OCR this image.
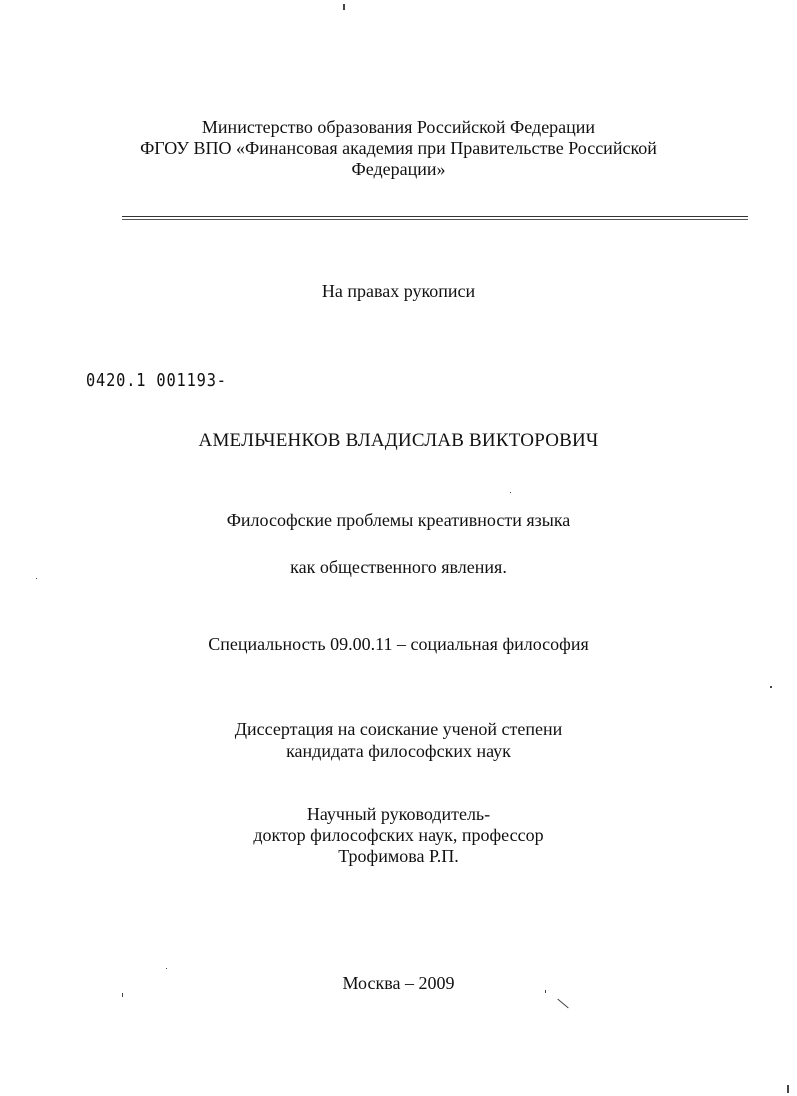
Министерство образования Российской Федерации
ФГОУ ВПО «Финансовая академия при Правительстве Российской
Федерации»
На правах рукописи
0420.1 001193-
АМЕЛЬЧЕНКОВ ВЛАДИСЛАВ ВИКТОРОВИЧ
Философские проблемы креативности языка
как общественного явления.
Специальность 09.00.11 – социальная философия
Диссертация на соискание ученой степени
кандидата философских наук
Научный руководитель-
доктор философских наук, профессор
Трофимова Р.П.
Москва – 2009
